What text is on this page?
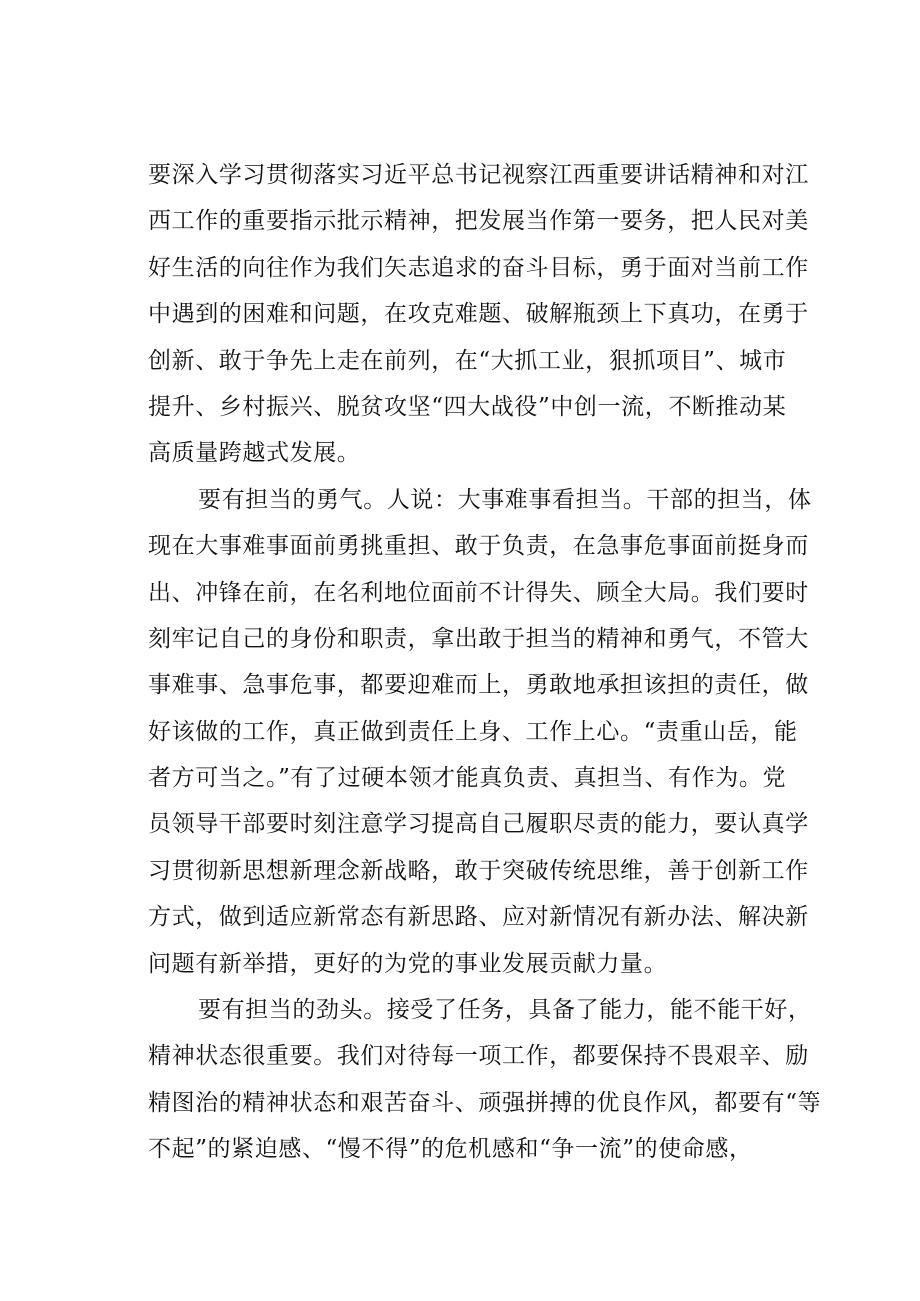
要深入学习贯彻落实习近平总书记视察江西重要讲话精神和对江
西工作的重要指示批示精神，把发展当作第一要务，把人民对美
好生活的向往作为我们矢志追求的奋斗目标，勇于面对当前工作
中遇到的困难和问题，在攻克难题、破解瓶颈上下真功，在勇于
创新、敢于争先上走在前列，在“大抓工业，狠抓项目”、城市
提升、乡村振兴、脱贫攻坚“四大战役”中创一流，不断推动某
高质量跨越式发展。
要有担当的勇气。人说：大事难事看担当。干部的担当，体
现在大事难事面前勇挑重担、敢于负责，在急事危事面前挺身而
出、冲锋在前，在名利地位面前不计得失、顾全大局。我们要时
刻牢记自己的身份和职责，拿出敢于担当的精神和勇气，不管大
事难事、急事危事，都要迎难而上，勇敢地承担该担的责任，做
好该做的工作，真正做到责任上身、工作上心。“责重山岳，能
者方可当之。”有了过硬本领才能真负责、真担当、有作为。党
员领导干部要时刻注意学习提高自己履职尽责的能力，要认真学
习贯彻新思想新理念新战略，敢于突破传统思维，善于创新工作
方式，做到适应新常态有新思路、应对新情况有新办法、解决新
问题有新举措，更好的为党的事业发展贡献力量。
要有担当的劲头。接受了任务，具备了能力，能不能干好，
精神状态很重要。我们对待每一项工作，都要保持不畏艰辛、励
精图治的精神状态和艰苦奋斗、顽强拼搏的优良作风，都要有“等
不起”的紧迫感、“慢不得”的危机感和“争一流”的使命感，
